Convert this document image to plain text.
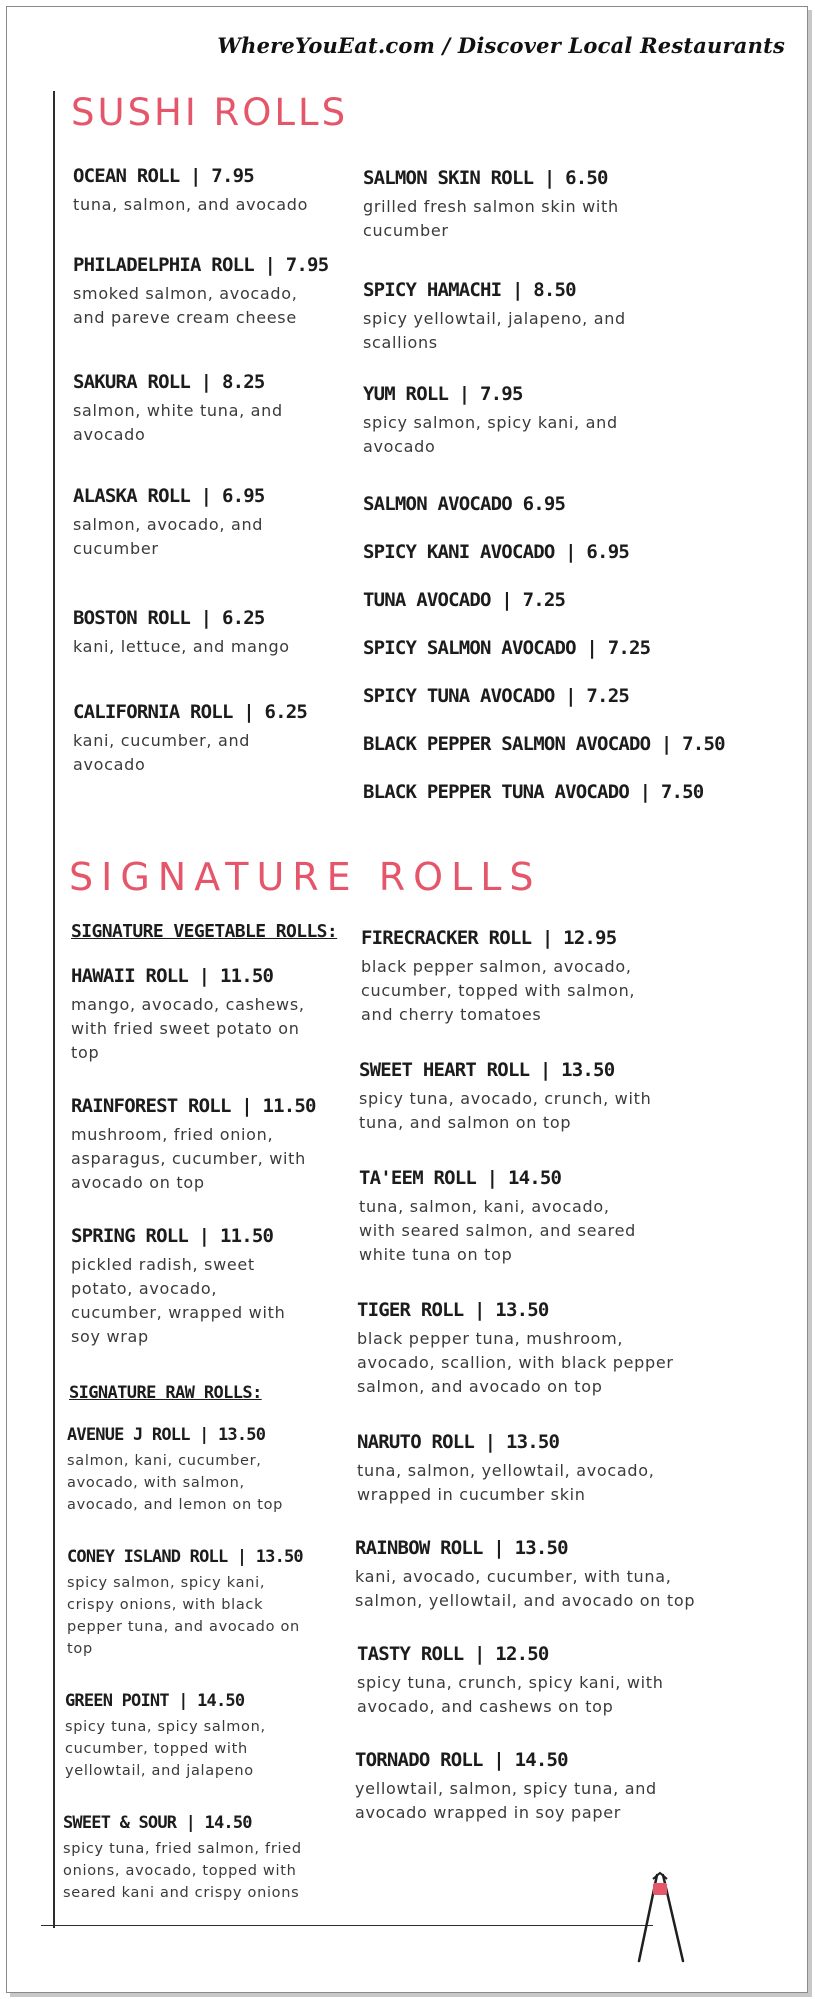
WhereYouEat.com / Discover Local Restaurants
SUSHI ROLLS
OCEAN ROLL | 7.95
tuna, salmon, and avocado
PHILADELPHIA ROLL | 7.95
smoked salmon, avocado, and pareve cream cheese
SAKURA ROLL | 8.25
salmon, white tuna, and avocado
ALASKA ROLL | 6.95
salmon, avocado, and cucumber
BOSTON ROLL | 6.25
kani, lettuce, and mango
CALIFORNIA ROLL | 6.25
kani, cucumber, and avocado
SALMON SKIN ROLL | 6.50
grilled fresh salmon skin with cucumber
SPICY HAMACHI | 8.50
spicy yellowtail, jalapeno, and scallions
YUM ROLL | 7.95
spicy salmon, spicy kani, and avocado
SALMON AVOCADO 6.95
SPICY KANI AVOCADO | 6.95
TUNA AVOCADO | 7.25
SPICY SALMON AVOCADO | 7.25
SPICY TUNA AVOCADO | 7.25
BLACK PEPPER SALMON AVOCADO | 7.50
BLACK PEPPER TUNA AVOCADO | 7.50
SIGNATURE ROLLS
SIGNATURE VEGETABLE ROLLS:
HAWAII ROLL | 11.50
mango, avocado, cashews, with fried sweet potato on top
RAINFOREST ROLL | 11.50
mushroom, fried onion, asparagus, cucumber, with avocado on top
SPRING ROLL | 11.50
pickled radish, sweet potato, avocado, cucumber, wrapped with soy wrap
SIGNATURE RAW ROLLS:
AVENUE J ROLL | 13.50
salmon, kani, cucumber, avocado, with salmon, avocado, and lemon on top
CONEY ISLAND ROLL | 13.50
spicy salmon, spicy kani, crispy onions, with black pepper tuna, and avocado on top
GREEN POINT | 14.50
spicy tuna, spicy salmon, cucumber, topped with yellowtail, and jalapeno
SWEET & SOUR | 14.50
spicy tuna, fried salmon, fried onions, avocado, topped with seared kani and crispy onions
FIRECRACKER ROLL | 12.95
black pepper salmon, avocado, cucumber, topped with salmon, and cherry tomatoes
SWEET HEART ROLL | 13.50
spicy tuna, avocado, crunch, with tuna, and salmon on top
TA'EEM ROLL | 14.50
tuna, salmon, kani, avocado, with seared salmon, and seared white tuna on top
TIGER ROLL | 13.50
black pepper tuna, mushroom, avocado, scallion, with black pepper salmon, and avocado on top
NARUTO ROLL | 13.50
tuna, salmon, yellowtail, avocado, wrapped in cucumber skin
RAINBOW ROLL | 13.50
kani, avocado, cucumber, with tuna, salmon, yellowtail, and avocado on top
TASTY ROLL | 12.50
spicy tuna, crunch, spicy kani, with avocado, and cashews on top
TORNADO ROLL | 14.50
yellowtail, salmon, spicy tuna, and avocado wrapped in soy paper
